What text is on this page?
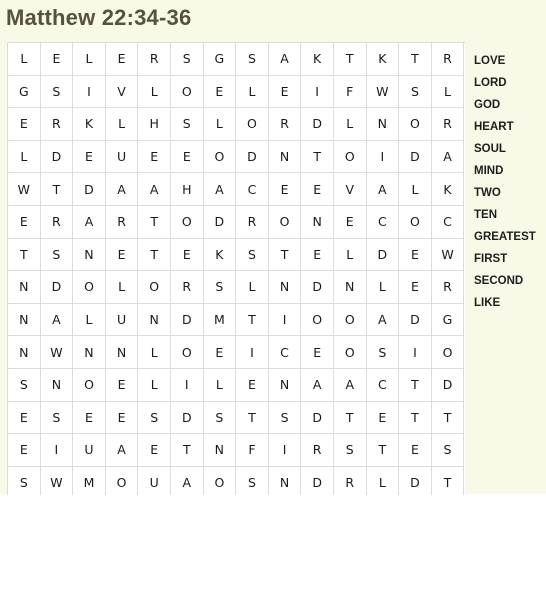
Matthew 22:34-36
L	E	L	E	R	S	G	S	A	K	T	K	T	R
G	S	I	V	L	O	E	L	E	I	F	W	S	L
E	R	K	L	H	S	L	O	R	D	L	N	O	R
L	D	E	U	E	E	O	D	N	T	O	I	D	A
W	T	D	A	A	H	A	C	E	E	V	A	L	K
E	R	A	R	T	O	D	R	O	N	E	C	O	C
T	S	N	E	T	E	K	S	T	E	L	D	E	W
N	D	O	L	O	R	S	L	N	D	N	L	E	R
N	A	L	U	N	D	M	T	I	O	O	A	D	G
N	W	N	N	L	O	E	I	C	E	O	S	I	O
S	N	O	E	L	I	L	E	N	A	A	C	T	D
E	S	E	E	S	D	S	T	S	D	T	E	T	T
E	I	U	A	E	T	N	F	I	R	S	T	E	S
S	W	M	O	U	A	O	S	N	D	R	L	D	T
LOVE
LORD
GOD
HEART
SOUL
MIND
TWO
TEN
GREATEST
FIRST
SECOND
LIKE
